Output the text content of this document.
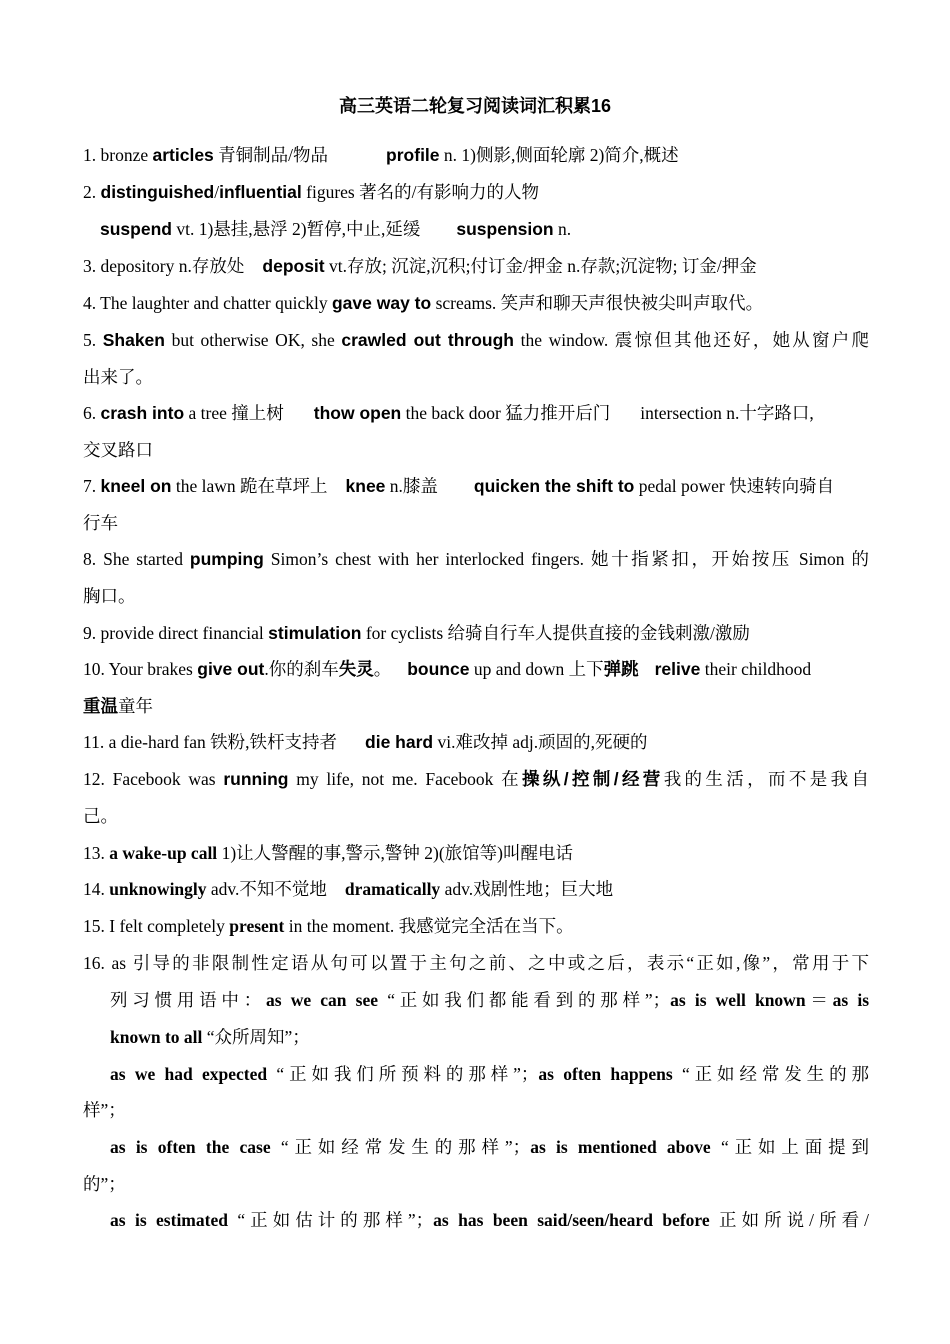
高三英语二轮复习阅读词汇积累16
1. bronze articles 青铜制品/物品	profile n. 1)侧影,侧面轮廓 2)简介,概述
2. distinguished/influential figures 著名的/有影响力的人物
suspend vt. 1)悬挂,悬浮 2)暂停,中止,延缓 suspension n.
3. depository n.存放处 deposit vt.存放; 沉淀,沉积;付订金/押金 n.存款;沉淀物; 订金/押金
4. The laughter and chatter quickly gave way to screams. 笑声和聊天声很快被尖叫声取代。
5. Shaken but otherwise OK, she crawled out through the window. 震惊但其他还好，她从窗户爬
出来了。
6. crash into a tree 撞上树 thow open the back door 猛力推开后门 intersection n.十字路口,
交叉路口
7. kneel on the lawn 跪在草坪上 knee n.膝盖 quicken the shift to pedal power 快速转向骑自
行车
8. She started pumping Simon’s chest with her interlocked fingers. 她十指紧扣，开始按压 Simon 的
胸口。
9. provide direct financial stimulation for cyclists 给骑自行车人提供直接的金钱刺激/激励
10. Your brakes give out.你的刹车失灵。 bounce up and down 上下弹跳 relive their childhood
重温童年
11. a die-hard fan 铁粉,铁杆支持者 die hard vi.难改掉 adj.顽固的,死硬的
12. Facebook was running my life, not me. Facebook 在操纵/控制/经营我的生活，而不是我自
己。
13. a wake-up call 1)让人警醒的事,警示,警钟 2)(旅馆等)叫醒电话
14. unknowingly adv.不知不觉地 dramatically adv.戏剧性地；巨大地
15. I felt completely present in the moment. 我感觉完全活在当下。
16. as 引导的非限制性定语从句可以置于主句之前、之中或之后，表示“正如,像”，常用于下
列习惯用语中：as we can see “正如我们都能看到的那样”；as is well known＝as is
known to all “众所周知”；
as we had expected “正如我们所预料的那样”；as often happens “正如经常发生的那
样”；
as is often the case “正如经常发生的那样”；as is mentioned above “正如上面提到
的”；
as is estimated “正如估计的那样”；as has been said/seen/heard before 正如所说/所看/
